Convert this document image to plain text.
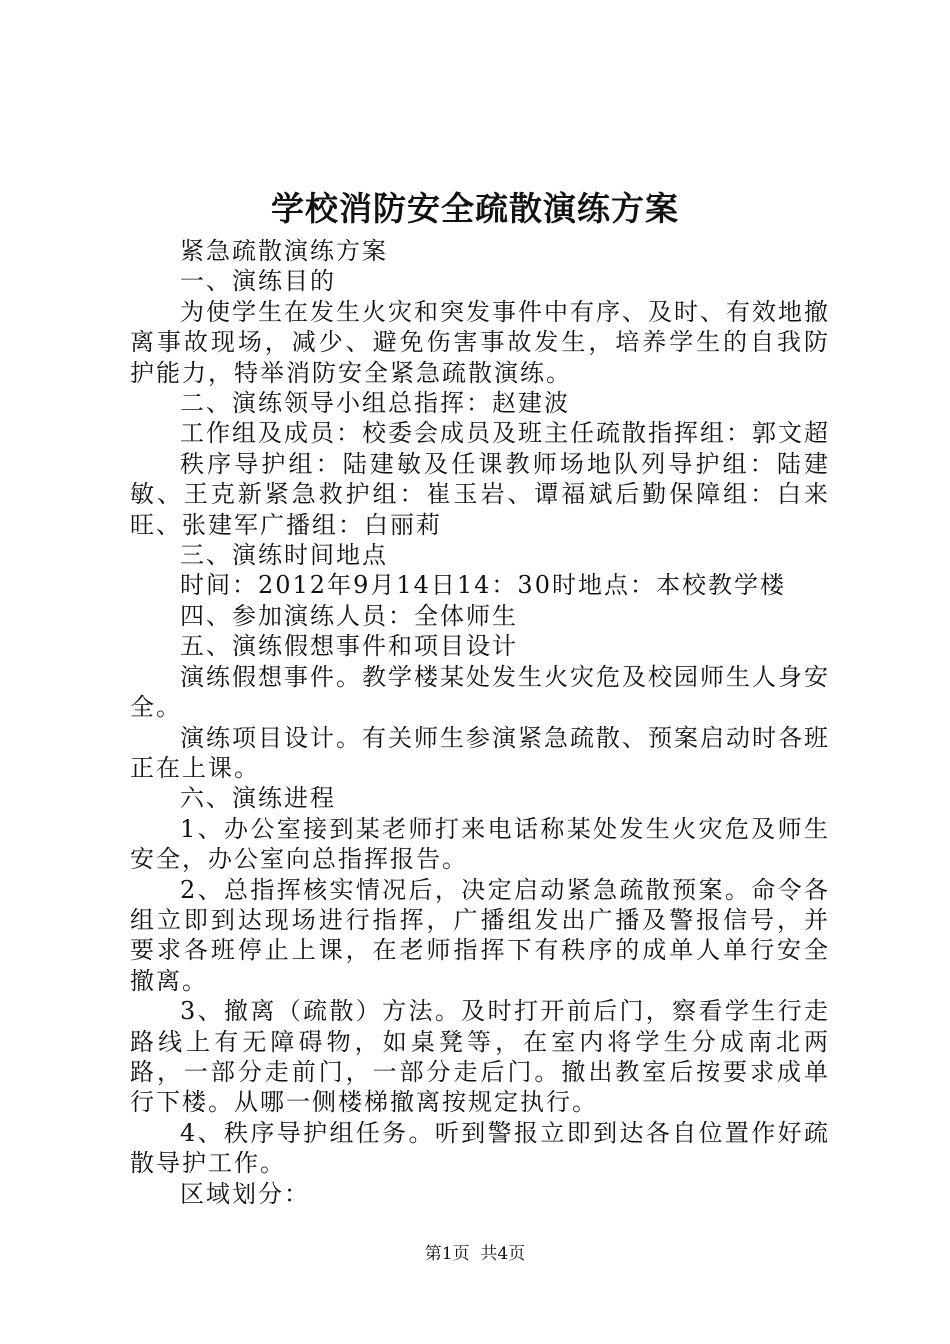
学校消防安全疏散演练方案

紧急疏散演练方案

一、演练目的

为使学生在发生火灾和突发事件中有序、及时、有效地撤离事故现场，减少、避免伤害事故发生，培养学生的自我防护能力，特举消防安全紧急疏散演练。

二、演练领导小组总指挥：赵建波

工作组及成员：校委会成员及班主任疏散指挥组：郭文超

秩序导护组：陆建敏及任课教师场地队列导护组：陆建敏、王克新紧急救护组：崔玉岩、谭福斌后勤保障组：白来旺、张建军广播组：白丽莉

三、演练时间地点

时间：2012年9月14日14：30时地点：本校教学楼

四、参加演练人员：全体师生

五、演练假想事件和项目设计

演练假想事件。教学楼某处发生火灾危及校园师生人身安全。

演练项目设计。有关师生参演紧急疏散、预案启动时各班正在上课。

六、演练进程

1、办公室接到某老师打来电话称某处发生火灾危及师生安全，办公室向总指挥报告。

2、总指挥核实情况后，决定启动紧急疏散预案。命令各组立即到达现场进行指挥，广播组发出广播及警报信号，并要求各班停止上课，在老师指挥下有秩序的成单人单行安全撤离。

3、撤离（疏散）方法。及时打开前后门，察看学生行走路线上有无障碍物，如桌凳等，在室内将学生分成南北两路，一部分走前门，一部分走后门。撤出教室后按要求成单行下楼。从哪一侧楼梯撤离按规定执行。

4、秩序导护组任务。听到警报立即到达各自位置作好疏散导护工作。

区域划分：

第1页  共4页
